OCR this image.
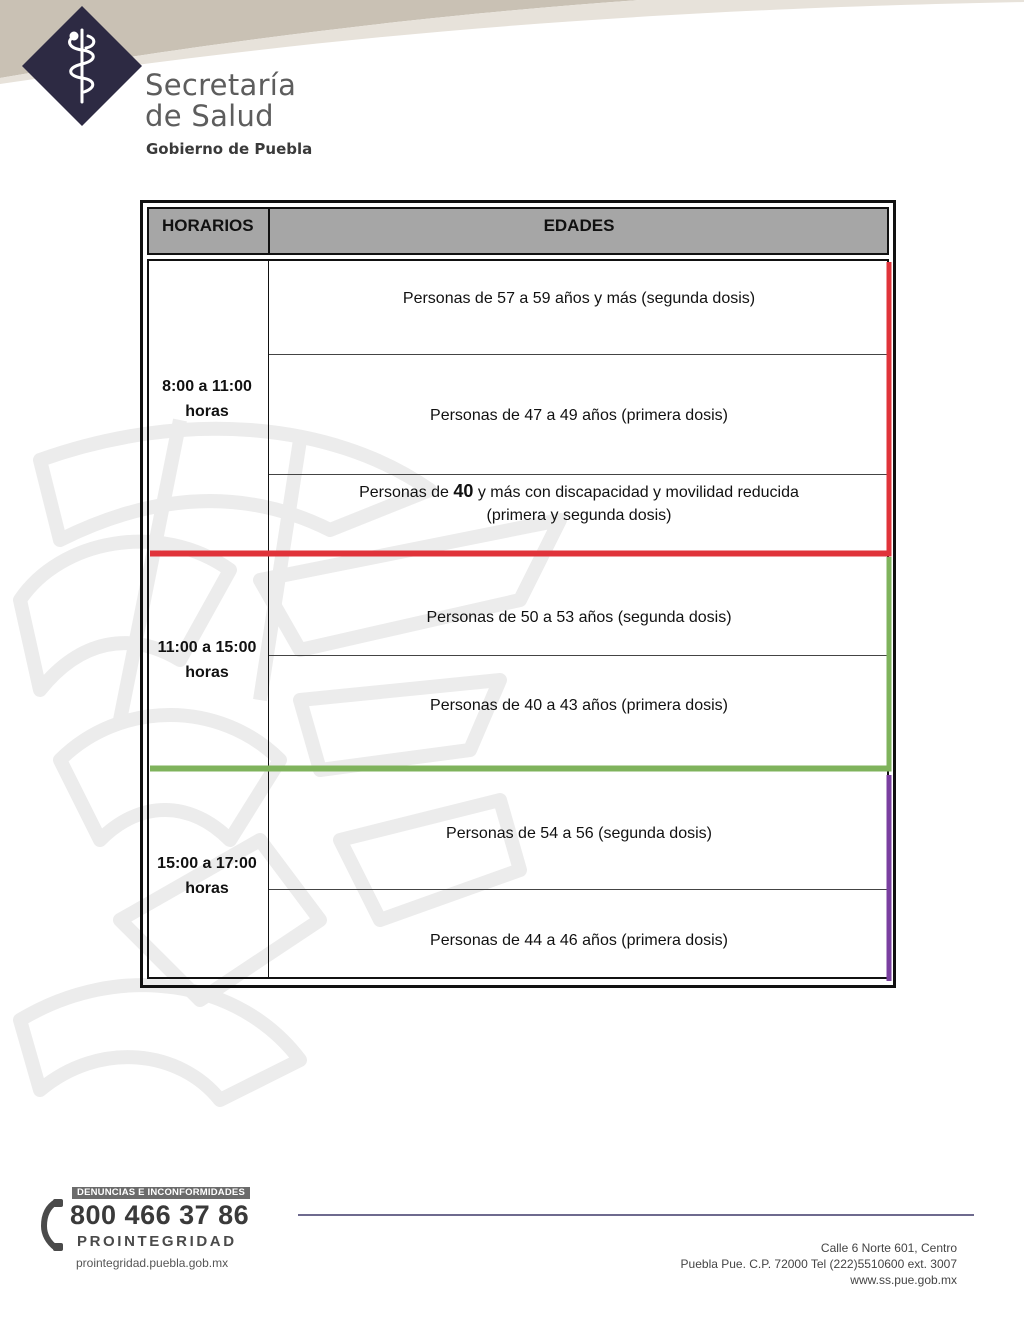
Secretaría
de Salud
Gobierno de Puebla
HORARIOS	EDADES
8:00 a 11:00
horas
Personas de 57 a 59 años y más (segunda dosis)
Personas de 47 a 49 años (primera dosis)
Personas de 40 y más con discapacidad y movilidad reducida
(primera y segunda dosis)
11:00 a 15:00
horas
Personas de 50 a 53 años (segunda dosis)
Personas de 40 a 43 años (primera dosis)
15:00 a 17:00
horas
Personas de 54 a 56 (segunda dosis)
Personas de 44 a 46 años (primera dosis)
DENUNCIAS E INCONFORMIDADES
800 466 37 86
PROINTEGRIDAD
prointegridad.puebla.gob.mx
Calle 6 Norte 601, Centro
Puebla Pue. C.P. 72000 Tel (222)5510600 ext. 3007
www.ss.pue.gob.mx
